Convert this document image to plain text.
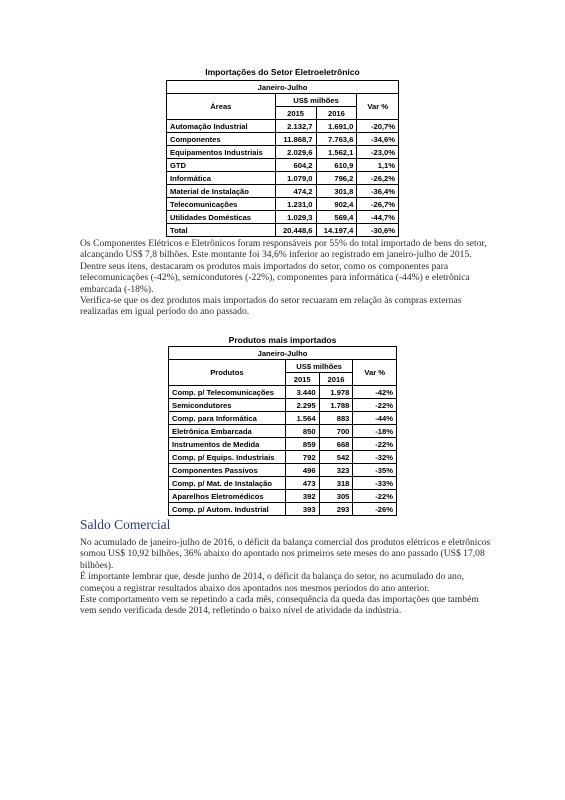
Importações do Setor Eletroeletrônico
Janeiro-Julho			
Áreas	US$ milhões		Var %
	2015	2016	
Automação Industrial	2.132,7	1.691,0	-20,7%
Componentes	11.868,7	7.763,6	-34,6%
Equipamentos Industriais	2.029,6	1.562,1	-23,0%
GTD	604,2	610,9	1,1%
Informática	1.079,0	796,2	-26,2%
Material de Instalação	474,2	301,8	-36,4%
Telecomunicações	1.231,0	902,4	-26,7%
Utilidades Domésticas	1.029,3	569,4	-44,7%
Total	20.448,6	14.197,4	-30,6%

Os Componentes Elétricos e Eletrônicos foram responsáveis por 55% do total importado de bens do setor, alcançando US$ 7,8 bilhões. Este montante foi 34,6% inferior ao registrado em janeiro-julho de 2015.

Dentre seus itens, destacaram os produtos mais importados do setor, como os componentes para telecomunicações (-42%), semicondutores (-22%), componentes para informática (-44%) e eletrônica embarcada (-18%).

Verifica-se que os dez produtos mais importados do setor recuaram em relação às compras externas realizadas em igual período do ano passado.

Produtos mais importados
Janeiro-Julho			
Produtos	US$ milhões		Var %
	2015	2016	
Comp. p/ Telecomunicações	3.440	1.978	-42%
Semicondutores	2.295	1.788	-22%
Comp. para Informática	1.564	883	-44%
Eletrônica Embarcada	850	700	-18%
Instrumentos de Medida	859	668	-22%
Comp. p/ Equips. Industriais	792	542	-32%
Componentes Passivos	496	323	-35%
Comp. p/ Mat. de Instalação	473	318	-33%
Aparelhos Eletromédicos	392	305	-22%
Comp. p/ Autom. Industrial	393	293	-26%
Saldo Comercial

No acumulado de janeiro-julho de 2016, o déficit da balança comercial dos produtos elétricos e eletrônicos somou US$ 10,92 bilhões, 36% abaixo do apontado nos primeiros sete meses do ano passado (US$ 17,08 bilhões).

É importante lembrar que, desde junho de 2014, o déficit da balança do setor, no acumulado do ano, começou a registrar resultados abaixo dos apontados nos mesmos períodos do ano anterior.

Este comportamento vem se repetindo a cada mês, consequência da queda das importações que também vem sendo verificada desde 2014, refletindo o baixo nível de atividade da indústria.
